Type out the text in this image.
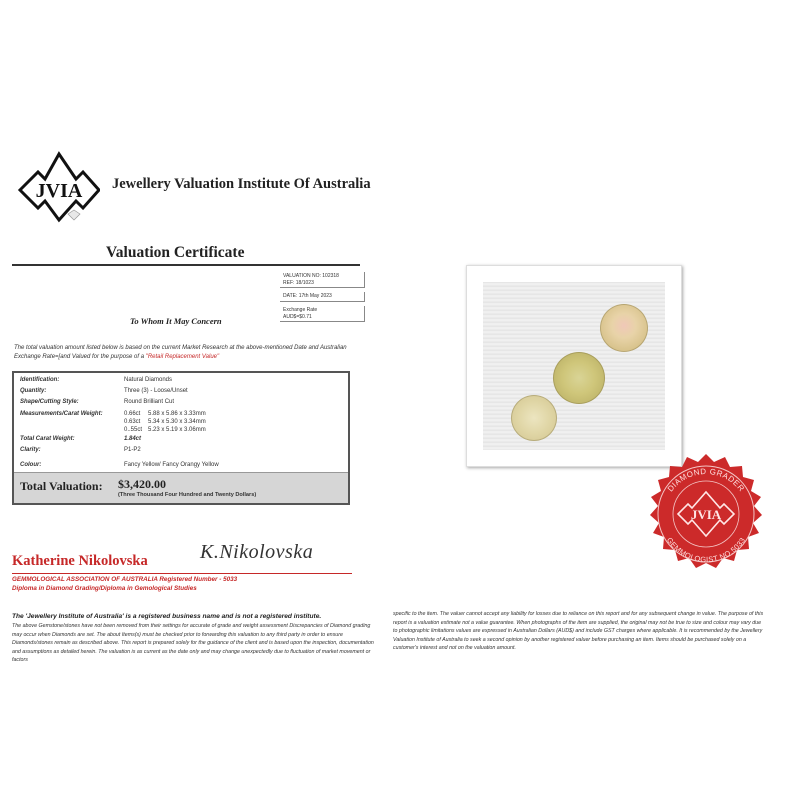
JVIA Jewellery Valuation Institute Of Australia
Valuation Certificate
VALUATION NO: 102318
REF: 18/1023
DATE: 17th May 2023
Exchange Rate
AUD$=$0.71
To Whom It May Concern
The total valuation amount listed below is based on the current Market Research at the above-mentioned Date and Australian Exchange Rate=[and Valued for the purpose of a "Retail Replacement Value"
Identification:	Natural Diamonds
Quantity:	Three (3) - Loose/Unset
Shape/Cutting Style:	Round Brilliant Cut
Measurements/Carat Weight:	0.66ct 5.88 x 5.86 x 3.33mm
0.63ct 5.34 x 5.30 x 3.34mm
0..55ct 5.23 x 5.19 x 3.06mm
Total Carat Weight:	1.84ct
Clarity:	P1-P2
Colour:	Fancy Yellow/ Fancy Orangy Yellow
Total Valuation: $3,420.00
(Three Thousand Four Hundred and Twenty Dollars)
DIAMOND GRADER
GEMMOLOGIST NO.5033
JVIA
Katherine Nikolovska	K.Nikolovska
GEMMOLOGICAL ASSOCIATION OF AUSTRALIA Registered Number - 5033
Diploma in Diamond Grading/Diploma in Gemological Studies
The 'Jewellery Institute of Australia' is a registered business name and is not a registered institute.
The above Gemstone/stones have not been removed from their settings for accurate of grade and weight assessment Discrepancies of Diamond grading may occur when Diamonds are set. The about Items(s) must be checked prior to forwarding this valuation to any third party in order to ensure Diamonds/stones remain as described above. This report is prepared solely for the guidance of the client and is based upon the inspection, documentation and assumptions as detailed herein. The valuation is as current as the date only and may change unexpectedly due to fluctuation of market movement or factors
specific to the item. The valuer cannot accept any liability for losses due to reliance on this report and for any subsequent change in value. The purpose of this report is a valuation estimate not a value guarantee. When photographs of the item are supplied, the original may not be true to size and colour may vary due to photographic limitations values are expressed in Australian Dollars (AUD$) and include GST charges where applicable. It is recommended by the Jewellery Valuation Institute of Australia to seek a second opinion by another registered valuer before purchasing an item. Items should be purchased solely on a customer's interest and not on the valuation amount.
